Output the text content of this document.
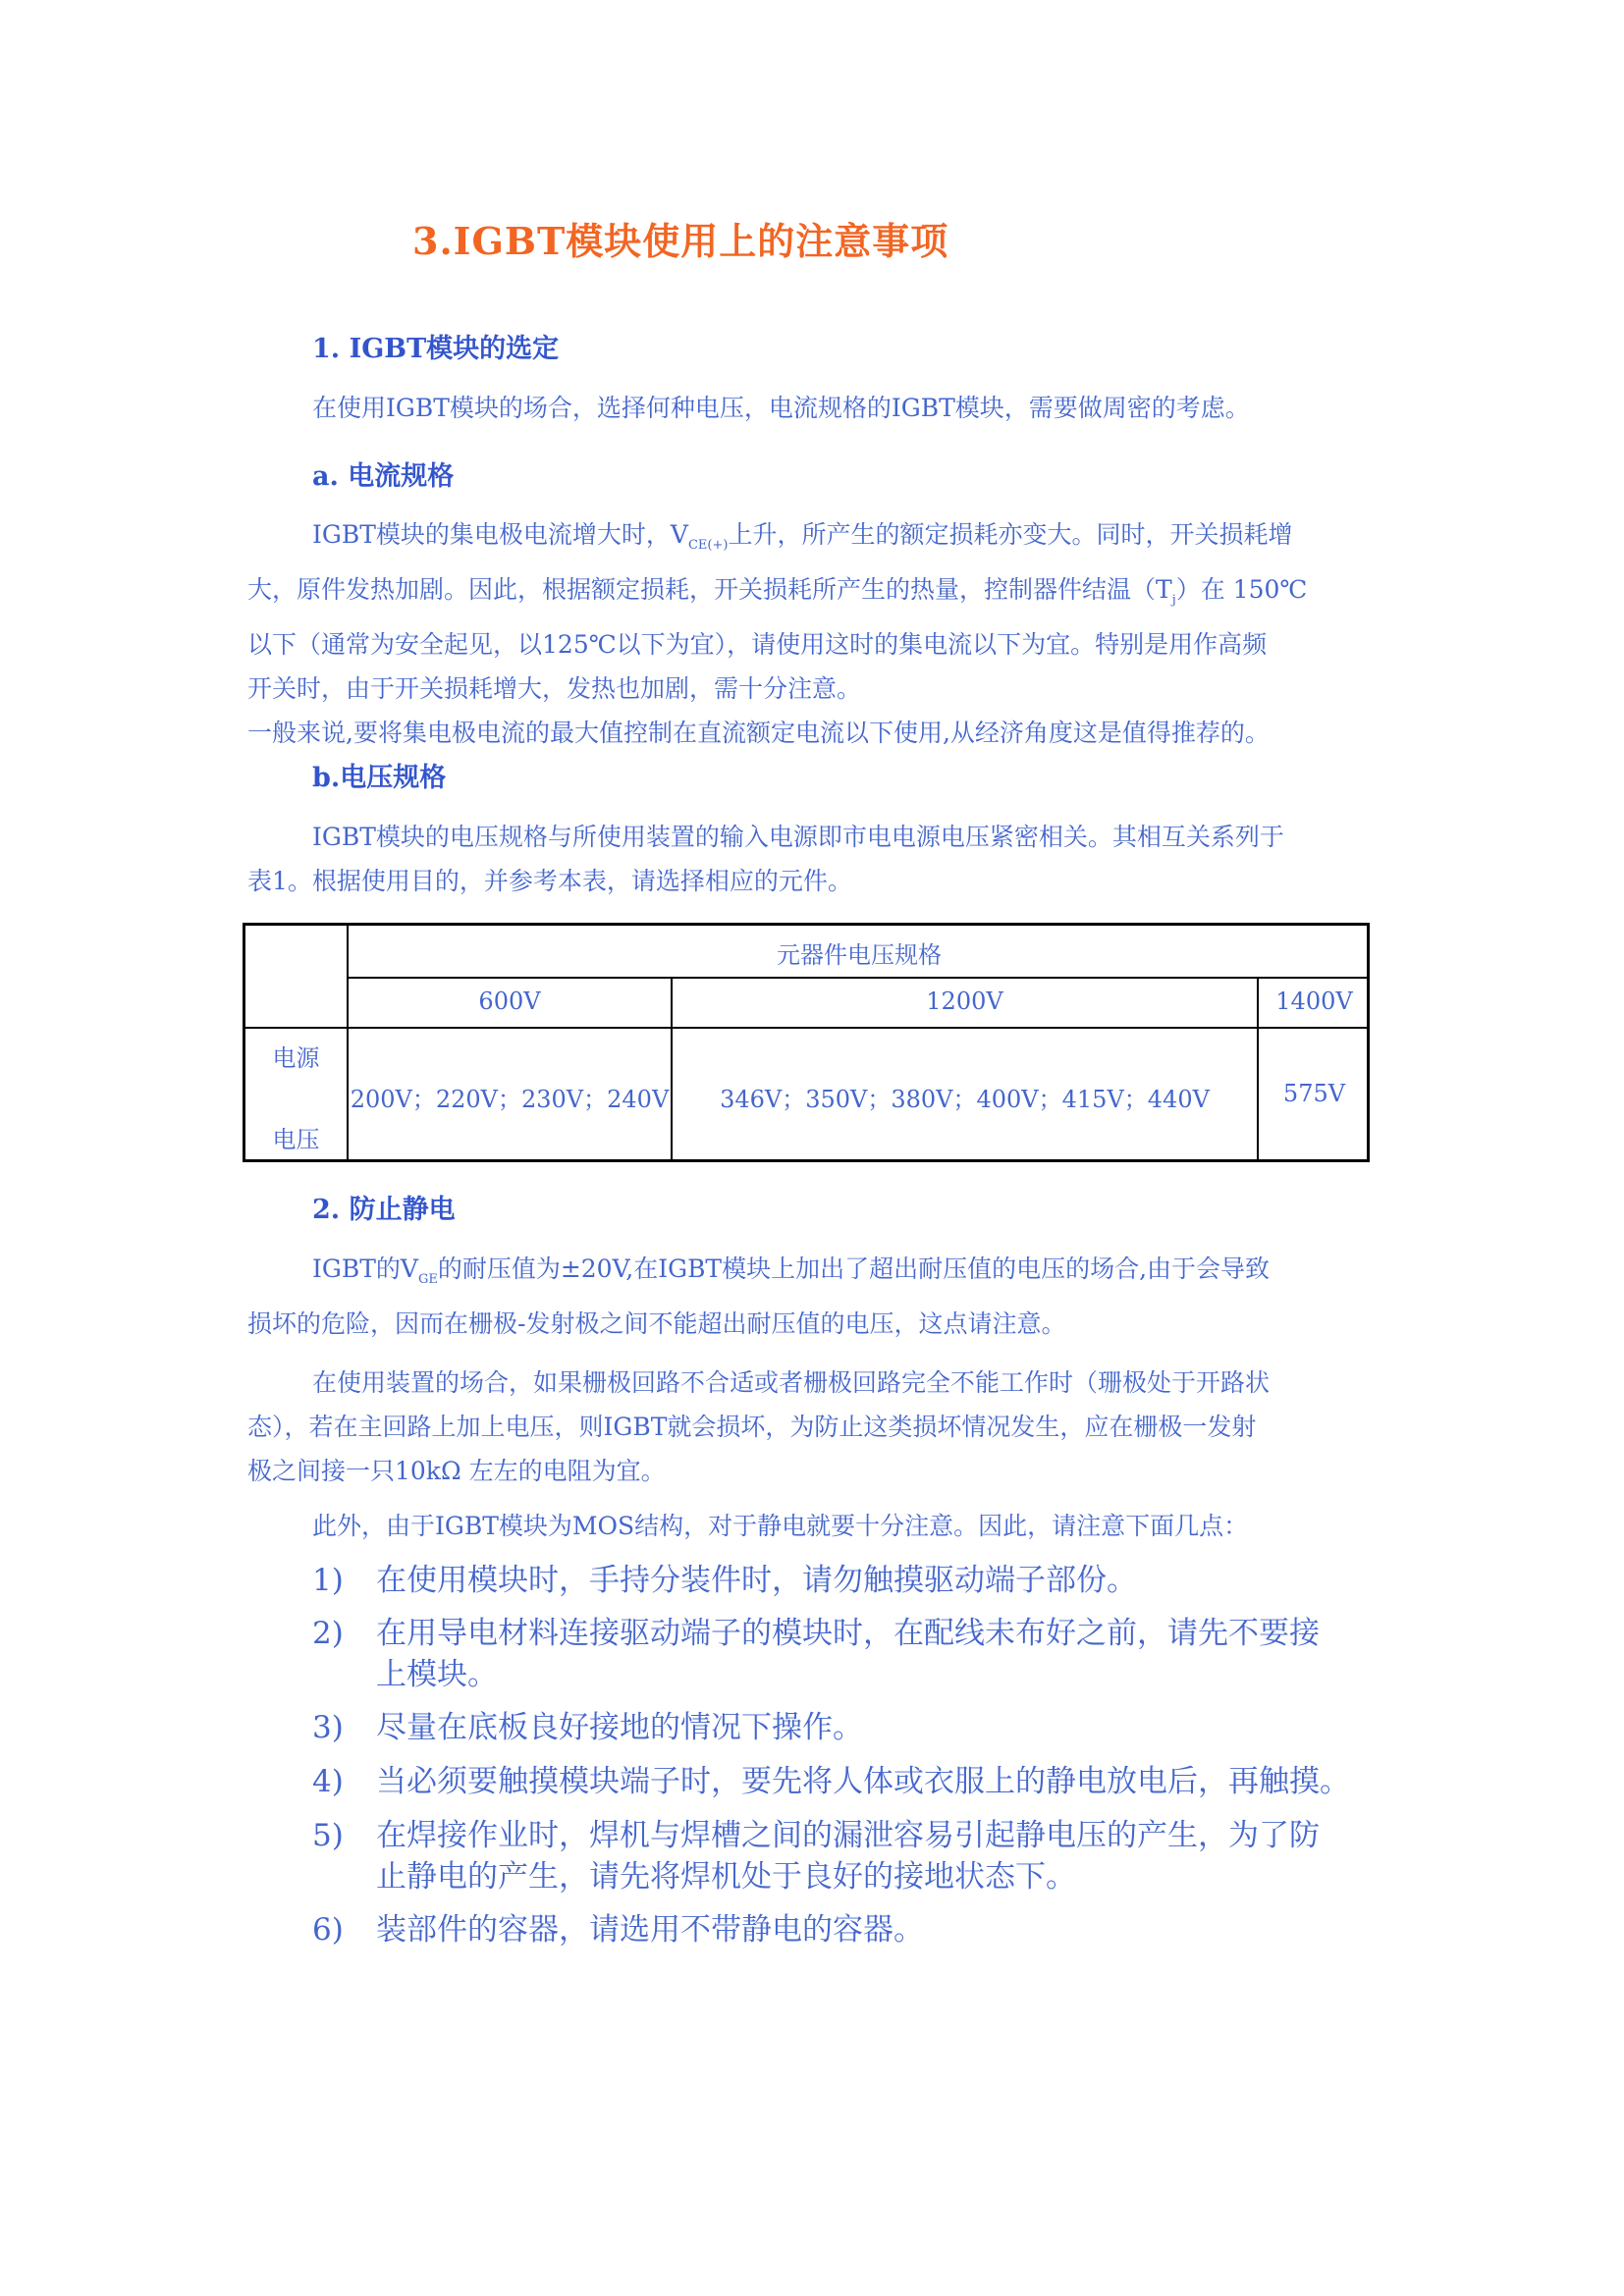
3.IGBT模块使用上的注意事项
1. IGBT模块的选定
在使用IGBT模块的场合，选择何种电压，电流规格的IGBT模块，需要做周密的考虑。
a. 电流规格
IGBT模块的集电极电流增大时，$V_{CE(+)}$上升，所产生的额定损耗亦变大。同时，开关损耗增
大，原件发热加剧。因此，根据额定损耗，开关损耗所产生的热量，控制器件结温$(T_j)$在 150℃
以下（通常为安全起见，以125℃以下为宜），请使用这时的集电流以下为宜。特别是用作高频
开关时，由于开关损耗增大，发热也加剧，需十分注意。
一般来说,要将集电极电流的最大值控制在直流额定电流以下使用,从经济角度这是值得推荐的。
b.电压规格
IGBT模块的电压规格与所使用装置的输入电源即市电电源电压紧密相关。其相互关系列于
表1。根据使用目的，并参考本表，请选择相应的元件。
元器件电压规格
600V	1200V	1400V
电源
电压
200V；220V；230V；240V	346V；350V；380V；400V；415V；440V	575V
2. 防止静电
IGBT的$V_{GE}$的耐压值为±20V,在IGBT模块上加出了超出耐压值的电压的场合,由于会导致
损坏的危险，因而在栅极-发射极之间不能超出耐压值的电压，这点请注意。
在使用装置的场合，如果栅极回路不合适或者栅极回路完全不能工作时（珊极处于开路状
态），若在主回路上加上电压，则IGBT就会损坏，为防止这类损坏情况发生，应在栅极一发射
极之间接一只10kΩ 左左的电阻为宜。
此外，由于IGBT模块为MOS结构，对于静电就要十分注意。因此，请注意下面几点：
1) 在使用模块时，手持分装件时，请勿触摸驱动端子部份。
2) 在用导电材料连接驱动端子的模块时，在配线未布好之前，请先不要接
上模块。
3) 尽量在底板良好接地的情况下操作。
4) 当必须要触摸模块端子时，要先将人体或衣服上的静电放电后，再触摸。
5) 在焊接作业时，焊机与焊槽之间的漏泄容易引起静电压的产生，为了防
止静电的产生，请先将焊机处于良好的接地状态下。
6) 装部件的容器，请选用不带静电的容器。
